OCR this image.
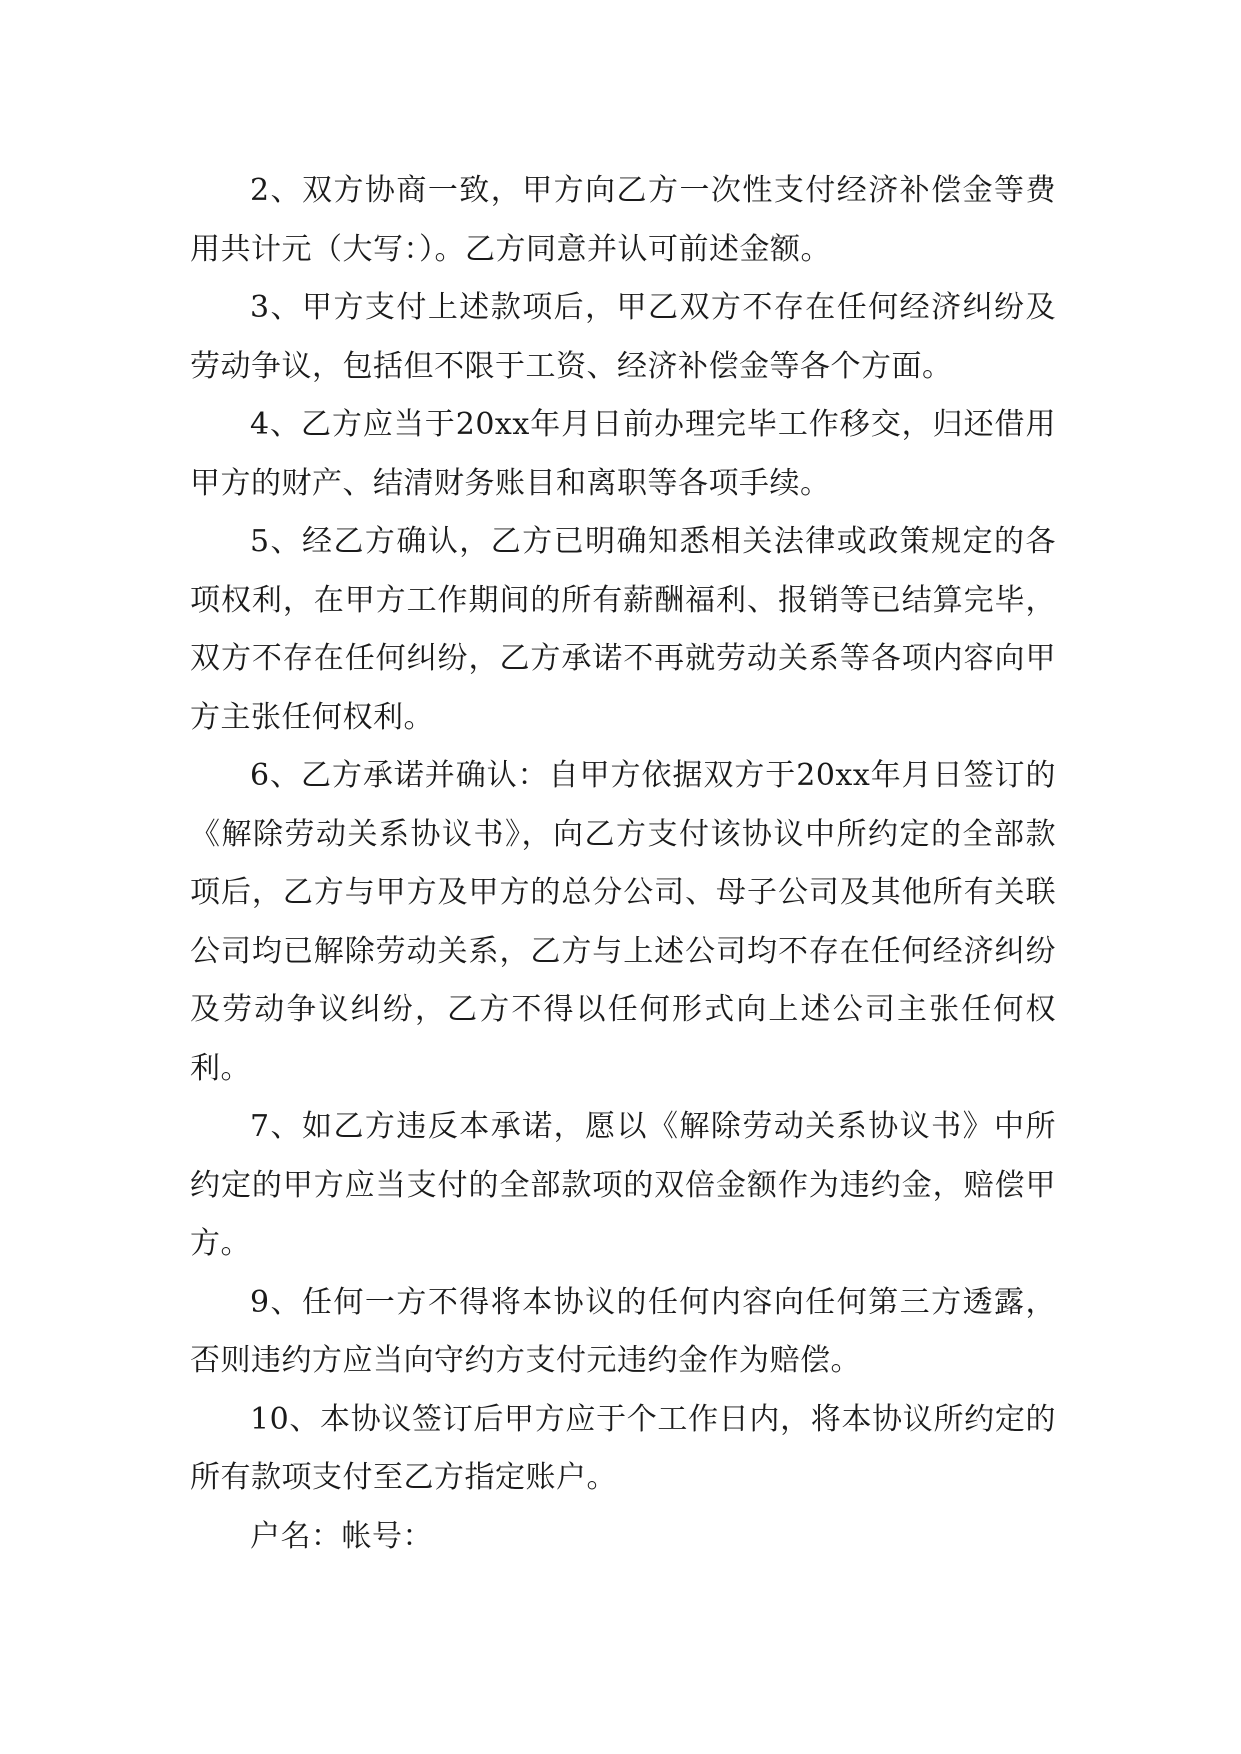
2、双方协商一致，甲方向乙方一次性支付经济补偿金等费用共计元（大写：）。乙方同意并认可前述金额。

3、甲方支付上述款项后，甲乙双方不存在任何经济纠纷及劳动争议，包括但不限于工资、经济补偿金等各个方面。

4、乙方应当于20xx年月日前办理完毕工作移交，归还借用甲方的财产、结清财务账目和离职等各项手续。

5、经乙方确认，乙方已明确知悉相关法律或政策规定的各项权利，在甲方工作期间的所有薪酬福利、报销等已结算完毕，双方不存在任何纠纷，乙方承诺不再就劳动关系等各项内容向甲方主张任何权利。

6、乙方承诺并确认：自甲方依据双方于20xx年月日签订的《解除劳动关系协议书》，向乙方支付该协议中所约定的全部款项后，乙方与甲方及甲方的总分公司、母子公司及其他所有关联公司均已解除劳动关系，乙方与上述公司均不存在任何经济纠纷及劳动争议纠纷，乙方不得以任何形式向上述公司主张任何权利。

7、如乙方违反本承诺，愿以《解除劳动关系协议书》中所约定的甲方应当支付的全部款项的双倍金额作为违约金，赔偿甲方。

9、任何一方不得将本协议的任何内容向任何第三方透露，否则违约方应当向守约方支付元违约金作为赔偿。

10、本协议签订后甲方应于个工作日内，将本协议所约定的所有款项支付至乙方指定账户。

户名：帐号：
